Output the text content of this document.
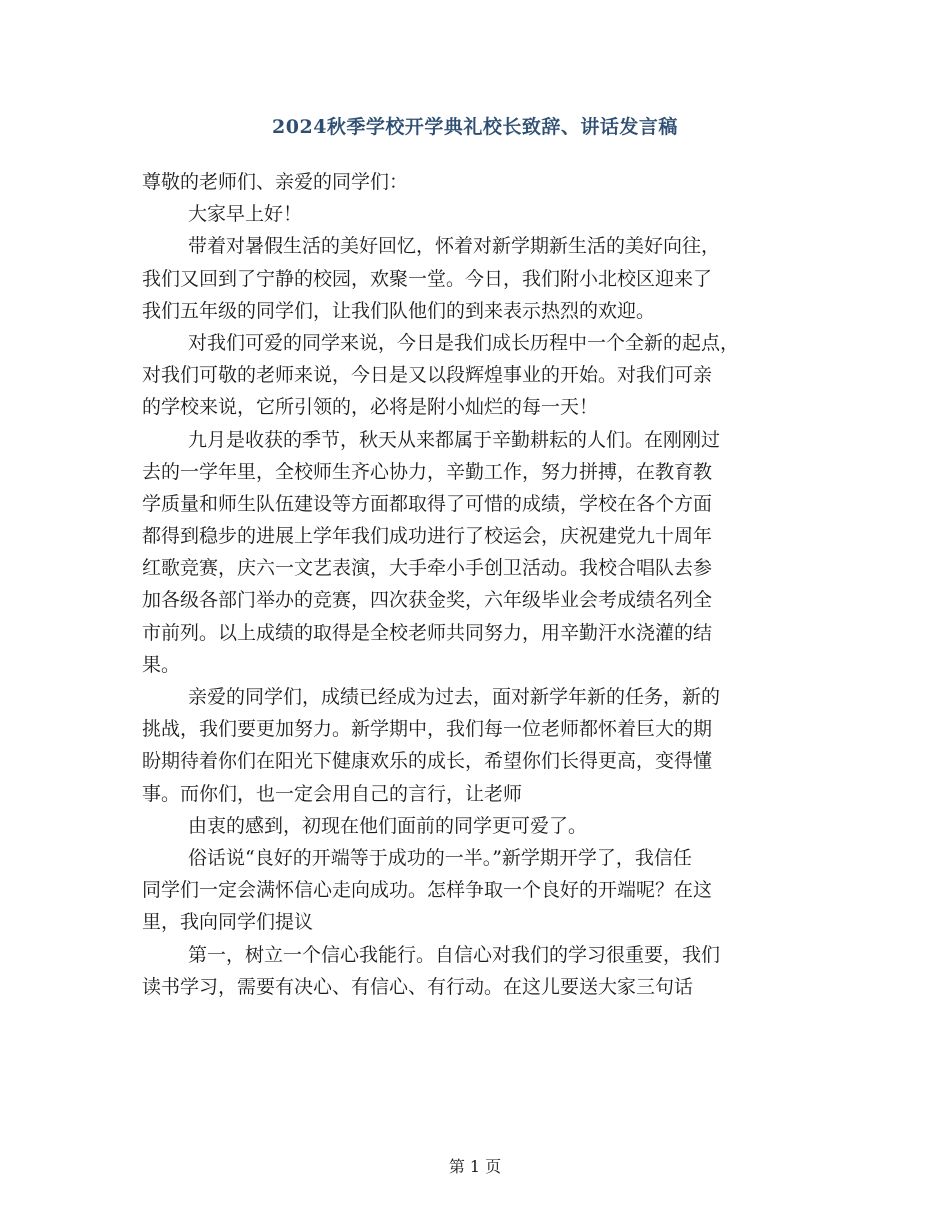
2024秋季学校开学典礼校长致辞、讲话发言稿
尊敬的老师们、亲爱的同学们：
大家早上好！
带着对暑假生活的美好回忆，怀着对新学期新生活的美好向往，
我们又回到了宁静的校园，欢聚一堂。今日，我们附小北校区迎来了
我们五年级的同学们，让我们队他们的到来表示热烈的欢迎。
对我们可爱的同学来说，今日是我们成长历程中一个全新的起点，
对我们可敬的老师来说，今日是又以段辉煌事业的开始。对我们可亲
的学校来说，它所引领的，必将是附小灿烂的每一天！
九月是收获的季节，秋天从来都属于辛勤耕耘的人们。在刚刚过
去的一学年里，全校师生齐心协力，辛勤工作，努力拼搏，在教育教
学质量和师生队伍建设等方面都取得了可惜的成绩，学校在各个方面
都得到稳步的进展上学年我们成功进行了校运会，庆祝建党九十周年
红歌竞赛，庆六一文艺表演，大手牵小手创卫活动。我校合唱队去参
加各级各部门举办的竞赛，四次获金奖，六年级毕业会考成绩名列全
市前列。以上成绩的取得是全校老师共同努力，用辛勤汗水浇灌的结
果。
亲爱的同学们，成绩已经成为过去，面对新学年新的任务，新的
挑战，我们要更加努力。新学期中，我们每一位老师都怀着巨大的期
盼期待着你们在阳光下健康欢乐的成长，希望你们长得更高，变得懂
事。而你们，也一定会用自己的言行，让老师
由衷的感到，初现在他们面前的同学更可爱了。
俗话说“良好的开端等于成功的一半。”新学期开学了，我信任
同学们一定会满怀信心走向成功。怎样争取一个良好的开端呢？在这
里，我向同学们提议
第一，树立一个信心我能行。自信心对我们的学习很重要，我们
读书学习，需要有决心、有信心、有行动。在这儿要送大家三句话
第 1 页
